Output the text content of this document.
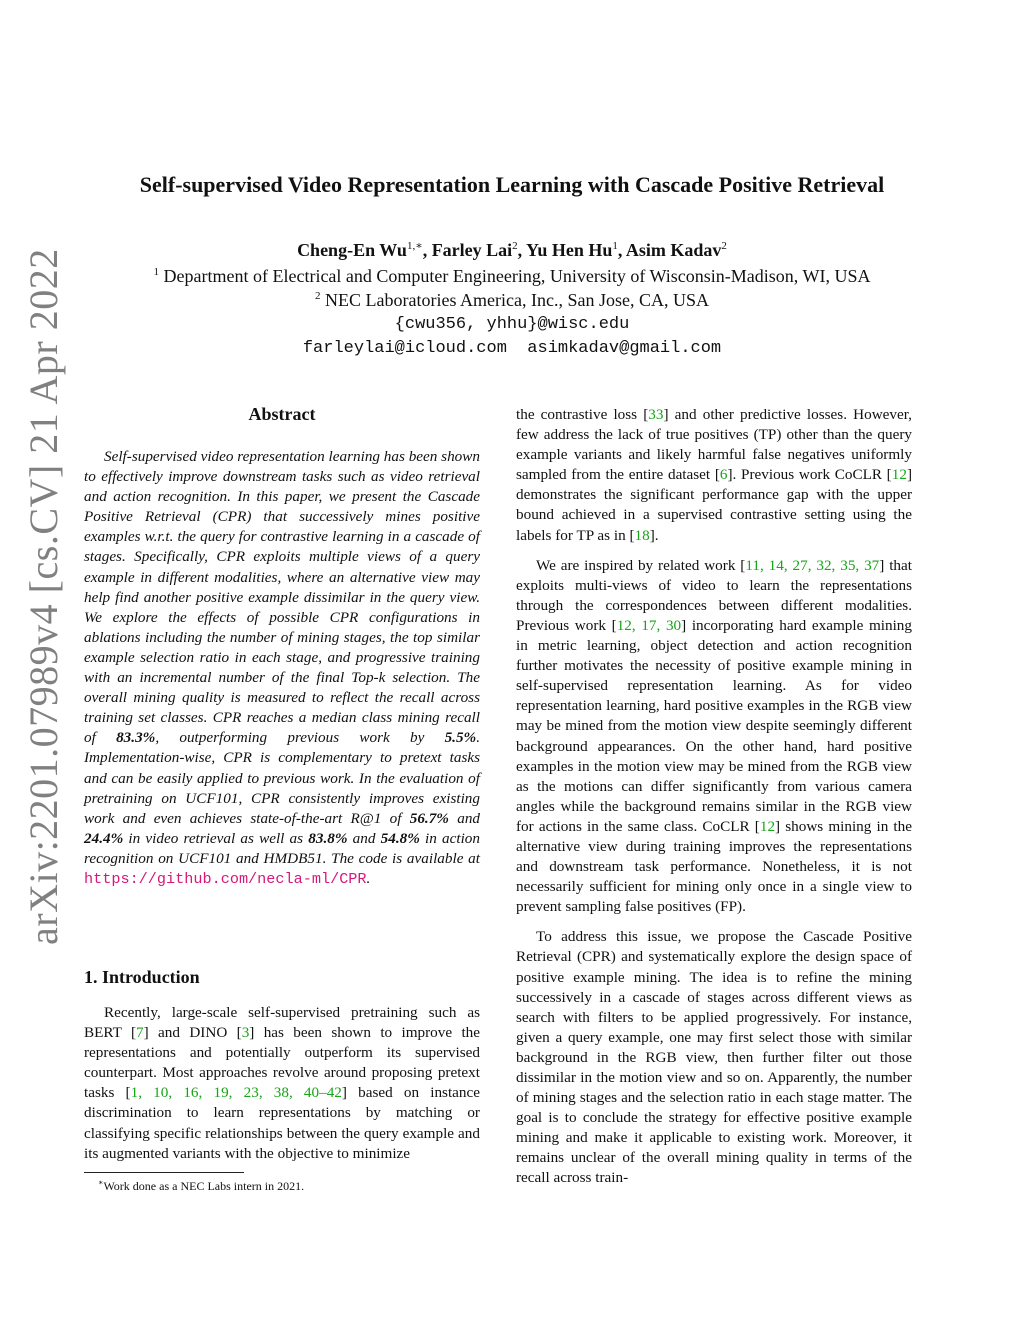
arXiv:2201.07989v4 [cs.CV] 21 Apr 2022
Self-supervised Video Representation Learning with Cascade Positive Retrieval
Cheng-En $Wu^{1,∗}$, Farley Lai$^2$, Yu Hen Hu$^1$, Asim Kadav$^2$
$^1$ Department of Electrical and Computer Engineering, University of Wisconsin-Madison, WI, USA
$^2$ NEC Laboratories America, Inc., San Jose, CA, USA
{cwu356, yhhu}@wisc.edu
farleylai@icloud.com  asimkadav@gmail.com
Abstract

Self-supervised video representation learning has been shown to effectively improve downstream tasks such as video retrieval and action recognition. In this paper, we present the Cascade Positive Retrieval (CPR) that successively mines positive examples w.r.t. the query for contrastive learning in a cascade of stages. Specifically, CPR exploits multiple views of a query example in different modalities, where an alternative view may help find another positive example dissimilar in the query view. We explore the effects of possible CPR configurations in ablations including the number of mining stages, the top similar example selection ratio in each stage, and progressive training with an incremental number of the final Top-k selection. The overall mining quality is measured to reflect the recall across training set classes. CPR reaches a median class mining recall of 83.3%, outperforming previous work by 5.5%. Implementation-wise, CPR is complementary to pretext tasks and can be easily applied to previous work. In the evaluation of pretraining on UCF101, CPR consistently improves existing work and even achieves state-of-the-art R@1 of 56.7% and 24.4% in video retrieval as well as 83.8% and 54.8% in action recognition on UCF101 and HMDB51. The code is available at https://github.com/necla-ml/CPR.

1. Introduction

Recently, large-scale self-supervised pretraining such as BERT [7] and DINO [3] has been shown to improve the representations and potentially outperform its supervised counterpart. Most approaches revolve around proposing pretext tasks [1, 10, 16, 19, 23, 38, 40–42] based on instance discrimination to learn representations by matching or classifying specific relationships between the query example and its augmented variants with the objective to minimize

∗Work done as a NEC Labs intern in 2021.

the contrastive loss [33] and other predictive losses. However, few address the lack of true positives (TP) other than the query example variants and likely harmful false negatives uniformly sampled from the entire dataset [6]. Previous work CoCLR [12] demonstrates the significant performance gap with the upper bound achieved in a supervised contrastive setting using the labels for TP as in [18].

We are inspired by related work [11, 14, 27, 32, 35, 37] that exploits multi-views of video to learn the representations through the correspondences between different modalities. Previous work [12, 17, 30] incorporating hard example mining in metric learning, object detection and action recognition further motivates the necessity of positive example mining in self-supervised representation learning. As for video representation learning, hard positive examples in the RGB view may be mined from the motion view despite seemingly different background appearances. On the other hand, hard positive examples in the motion view may be mined from the RGB view as the motions can differ significantly from various camera angles while the background remains similar in the RGB view for actions in the same class. CoCLR [12] shows mining in the alternative view during training improves the representations and downstream task performance. Nonetheless, it is not necessarily sufficient for mining only once in a single view to prevent sampling false positives (FP).

To address this issue, we propose the Cascade Positive Retrieval (CPR) and systematically explore the design space of positive example mining. The idea is to refine the mining successively in a cascade of stages across different views as search with filters to be applied progressively. For instance, given a query example, one may first select those with similar background in the RGB view, then further filter out those dissimilar in the motion view and so on. Apparently, the number of mining stages and the selection ratio in each stage matter. The goal is to conclude the strategy for effective positive example mining and make it applicable to existing work. Moreover, it remains unclear of the overall mining quality in terms of the recall across train-
